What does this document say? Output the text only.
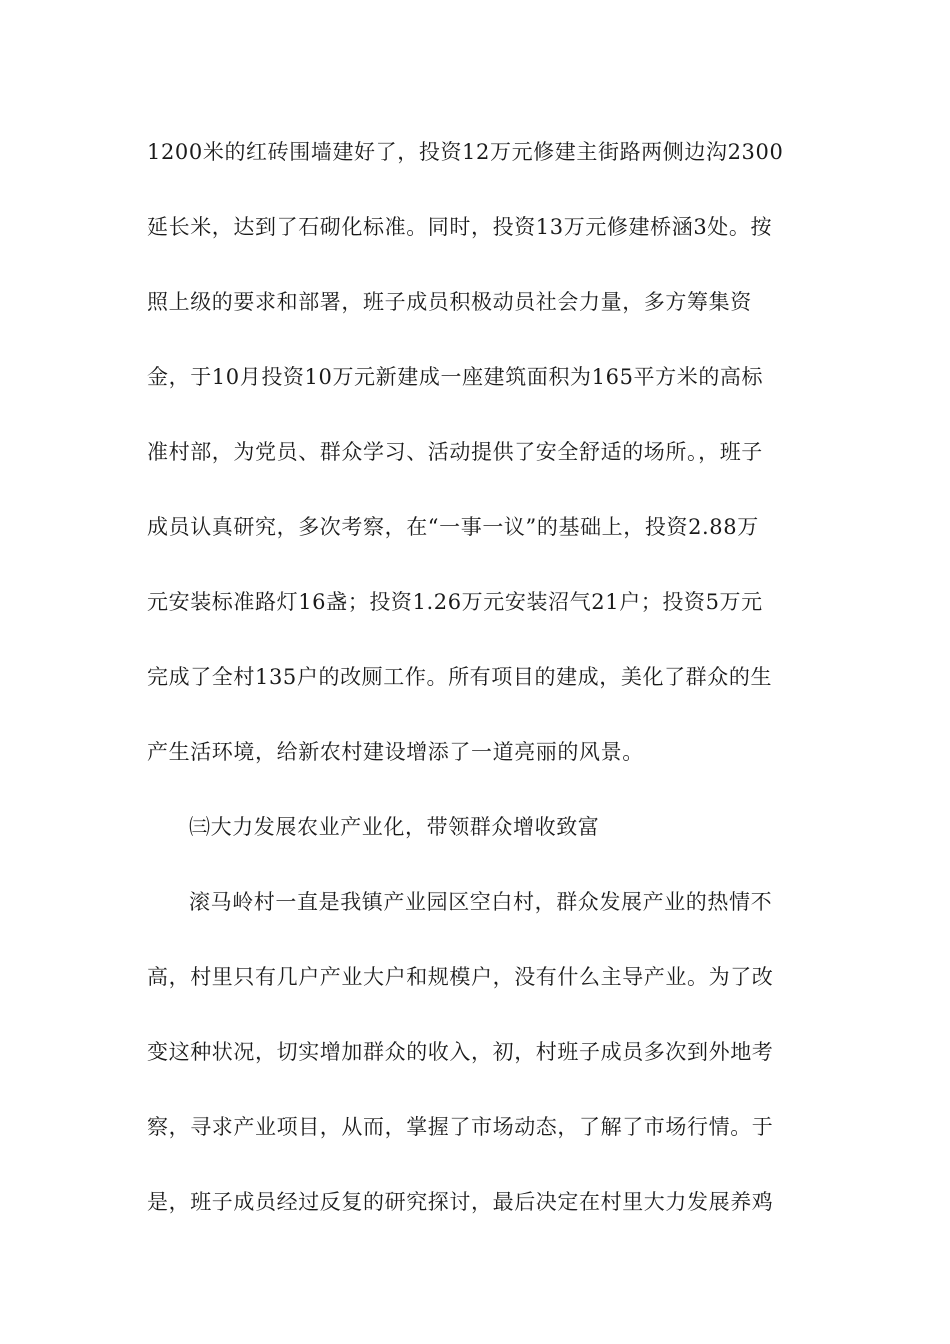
1200米的红砖围墙建好了，投资12万元修建主街路两侧边沟2300
延长米，达到了石砌化标准。同时，投资13万元修建桥涵3处。按
照上级的要求和部署，班子成员积极动员社会力量，多方筹集资
金，于10月投资10万元新建成一座建筑面积为165平方米的高标
准村部，为党员、群众学习、活动提供了安全舒适的场所。，班子
成员认真研究，多次考察，在“一事一议”的基础上，投资2.88万
元安装标准路灯16盏；投资1.26万元安装沼气21户；投资5万元
完成了全村135户的改厕工作。所有项目的建成，美化了群众的生
产生活环境，给新农村建设增添了一道亮丽的风景。
㈢大力发展农业产业化，带领群众增收致富
滚马岭村一直是我镇产业园区空白村，群众发展产业的热情不
高，村里只有几户产业大户和规模户，没有什么主导产业。为了改
变这种状况，切实增加群众的收入，初，村班子成员多次到外地考
察，寻求产业项目，从而，掌握了市场动态，了解了市场行情。于
是，班子成员经过反复的研究探讨，最后决定在村里大力发展养鸡
